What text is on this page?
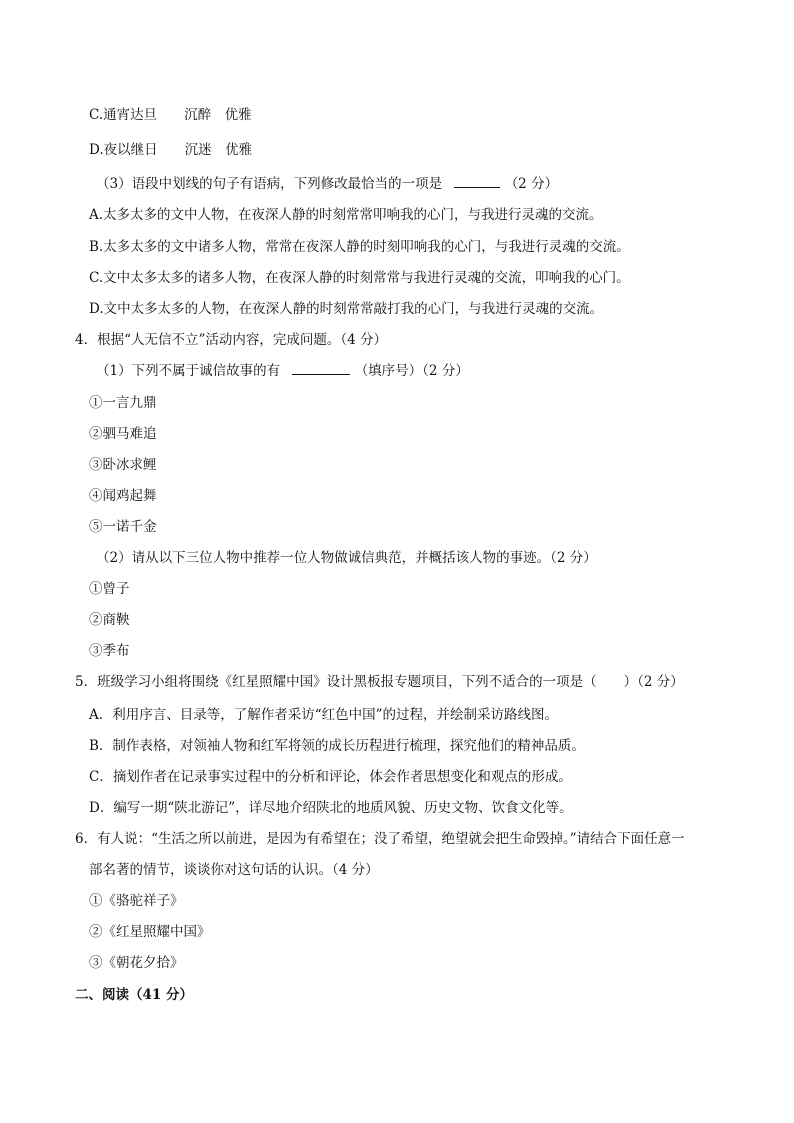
C.通宵达旦　　沉醉　优雅
D.夜以继日　　沉迷　优雅
（3）语段中划线的句子有语病，下列修改最恰当的一项是	（2 分）
A.太多太多的文中人物，在夜深人静的时刻常常叩响我的心门，与我进行灵魂的交流。
B.太多太多的文中诸多人物，常常在夜深人静的时刻叩响我的心门，与我进行灵魂的交流。
C.文中太多太多的诸多人物，在夜深人静的时刻常常与我进行灵魂的交流，叩响我的心门。
D.文中太多太多的人物，在夜深人静的时刻常常敲打我的心门，与我进行灵魂的交流。
4．根据“人无信不立”活动内容，完成问题。（4 分）
（1）下列不属于诚信故事的有	（填序号）（2 分）
①一言九鼎
②驷马难追
③卧冰求鲤
④闻鸡起舞
⑤一诺千金
（2）请从以下三位人物中推荐一位人物做诚信典范，并概括该人物的事迹。（2 分）
①曾子
②商鞅
③季布
5．班级学习小组将围绕《红星照耀中国》设计黑板报专题项目，下列不适合的一项是（　　）（2 分）
A．利用序言、目录等，了解作者采访“红色中国”的过程，并绘制采访路线图。
B．制作表格，对领袖人物和红军将领的成长历程进行梳理，探究他们的精神品质。
C．摘划作者在记录事实过程中的分析和评论，体会作者思想变化和观点的形成。
D．编写一期“陕北游记”，详尽地介绍陕北的地质风貌、历史文物、饮食文化等。
6．有人说：“生活之所以前进，是因为有希望在；没了希望，绝望就会把生命毁掉。”请结合下面任意一
部名著的情节，谈谈你对这句话的认识。（4 分）
①《骆驼祥子》
②《红星照耀中国》
③《朝花夕拾》
二、阅读（41 分）
